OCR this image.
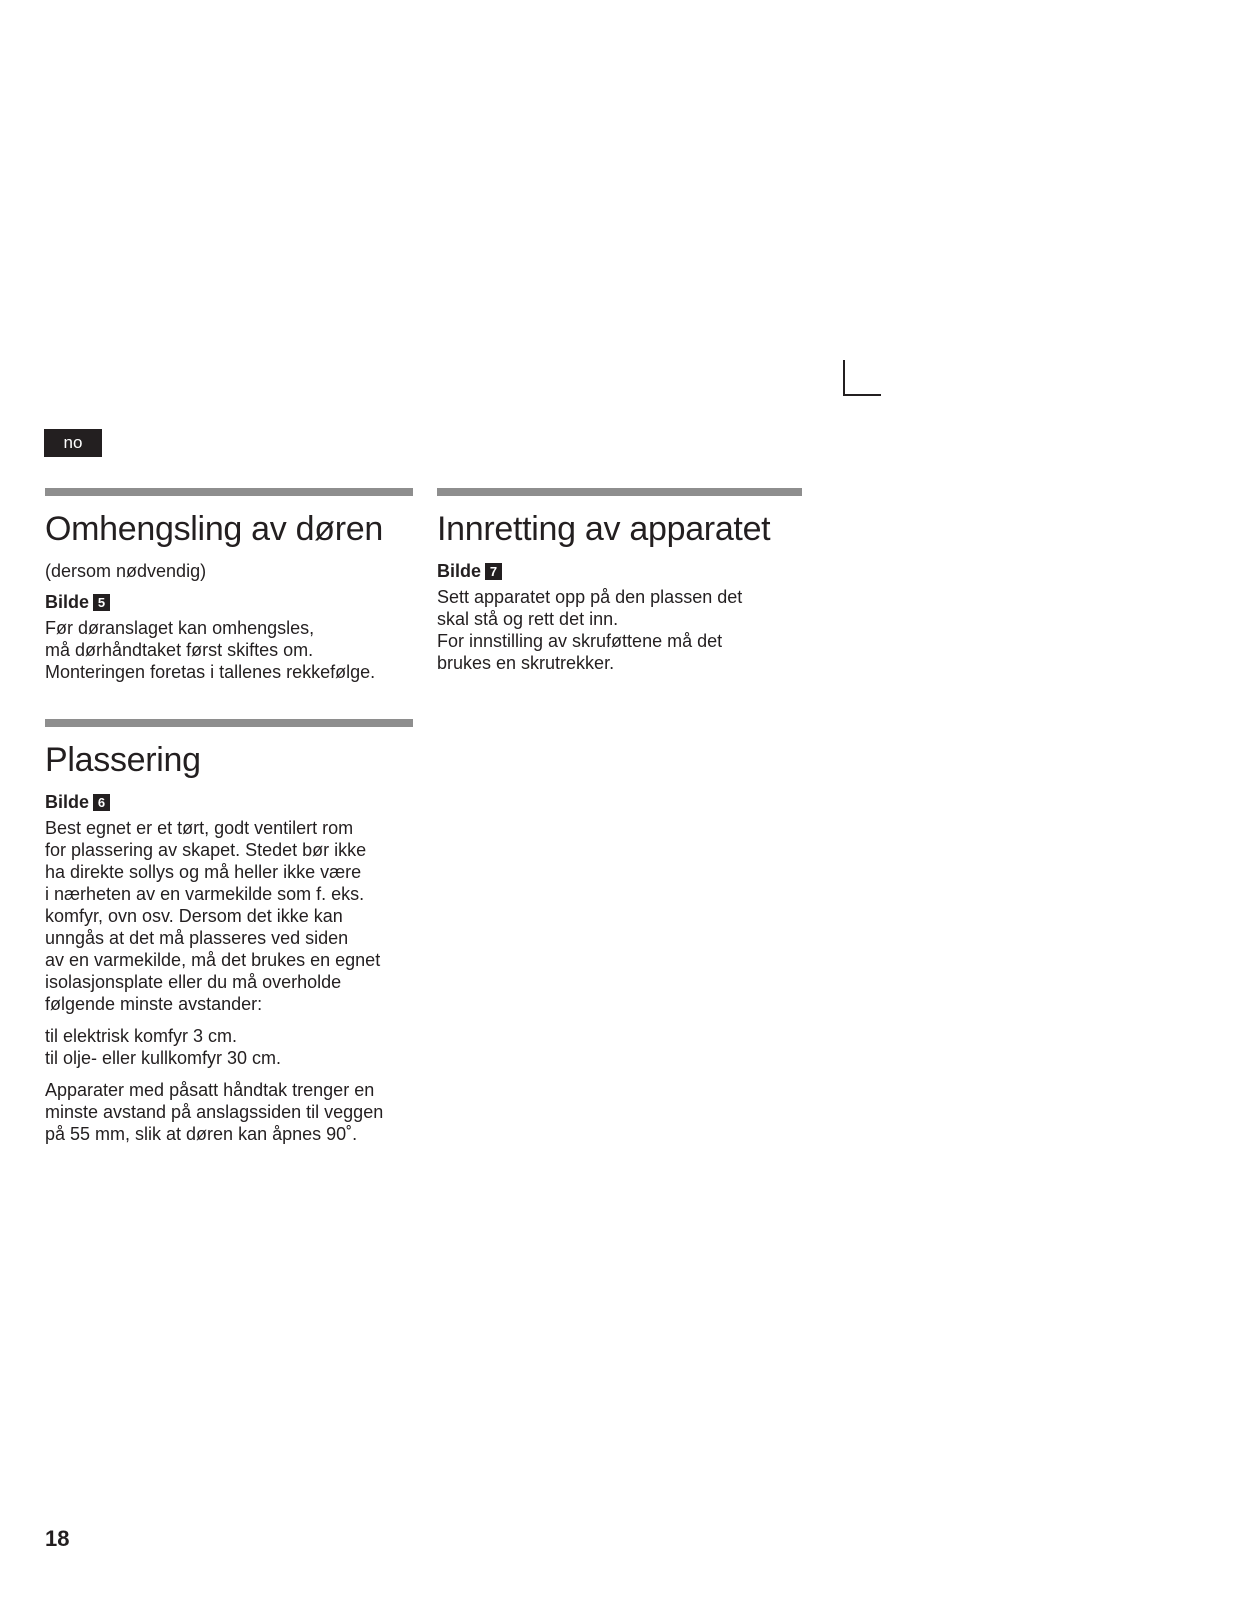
no
Omhengsling av døren

(dersom nødvendig)

Bilde 5

Før døranslaget kan omhengsles,
må dørhåndtaket først skiftes om.
Monteringen foretas i tallenes rekkefølge.

Plassering
Bilde 6

Best egnet er et tørt, godt ventilert rom
for plassering av skapet. Stedet bør ikke
ha direkte sollys og må heller ikke være
i nærheten av en varmekilde som f. eks.
komfyr, ovn osv. Dersom det ikke kan
unngås at det må plasseres ved siden
av en varmekilde, må det brukes en egnet
isolasjonsplate eller du må overholde
følgende minste avstander:

til elektrisk komfyr 3 cm.
til olje- eller kullkomfyr 30 cm.

Apparater med påsatt håndtak trenger en
minste avstand på anslagssiden til veggen
på 55 mm, slik at døren kan åpnes 90˚.

Innretting av apparatet
Bilde 7

Sett apparatet opp på den plassen det
skal stå og rett det inn.
For innstilling av skruføttene må det
brukes en skrutrekker.

18
